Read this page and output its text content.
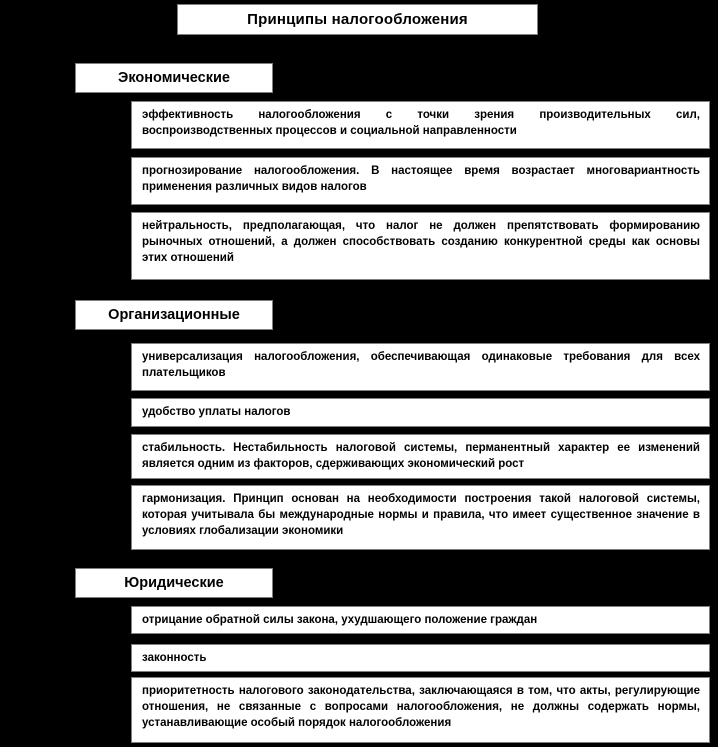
Принципы налогообложения
Экономические
эффективность налогообложения с точки зрения производительных сил, воспроизводственных процессов и социальной направленности
прогнозирование налогообложения. В настоящее время возрастает многовариантность применения различных видов налогов
нейтральность, предполагающая, что налог не должен препятствовать формированию рыночных отношений, а должен способствовать созданию конкурентной среды как основы этих отношений
Организационные
универсализация налогообложения, обеспечивающая одинаковые требования для всех плательщиков
удобство уплаты налогов
стабильность. Нестабильность налоговой системы, перманентный характер ее изменений является одним из факторов, сдерживающих экономический рост
гармонизация. Принцип основан на необходимости построения такой налоговой системы, которая учитывала бы международные нормы и правила, что имеет существенное значение в условиях глобализации экономики
Юридические
отрицание обратной силы закона, ухудшающего положение граждан
законность
приоритетность налогового законодательства, заключающаяся в том, что акты, регулирующие отношения, не связанные с вопросами налогообложения, не должны содержать нормы, устанавливающие особый порядок налогообложения
